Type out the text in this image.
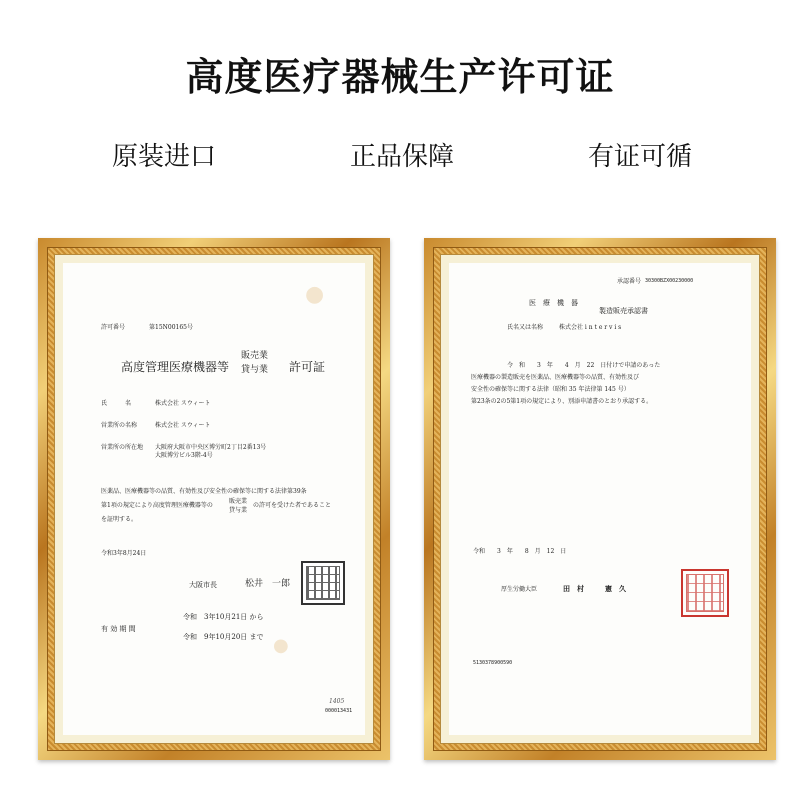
高度医疗器械生产许可证
原装进口	正品保障	有证可循
●
●
許可番号	第15N00165号
高度管理医療機器等
販売業
貸与業 許可証
氏　　　名	株式会社 スウィート
営業所の名称	株式会社 スウィート
営業所の所在地 大阪府大阪市中央区博労町2丁目2番13号
大阪博労ビル3階-4号
医薬品、医療機器等の品質、有効性及び安全性の確保等に関する法律第39条
第1項の規定により高度管理医療機器等の
販売業
貸与業
の許可を受けた者であること
を証明する。
令和3年8月24日
大阪市長	松井　一郎
有 効 期 間
令和　3年10月21日 から
令和　9年10月20日 まで
1405
000013431
承認番号 30300BZX00230000
医　療　機　器
製造販売承認書
氏名又は名称	株式会社 i n t e r v i s
令　和　　3　年　　4　月　22　日付けで申請のあった
医療機器の製造販売を医薬品、医療機器等の品質、有効性及び
安全性の確保等に関する法律（昭和 35 年法律第 145 号）
第23条の2の5第1項の規定により、別添申請書のとおり承認する。
令和　　3　年　　8　月　12　日
厚生労働大臣	田　村　　　憲　久
5130378900590
